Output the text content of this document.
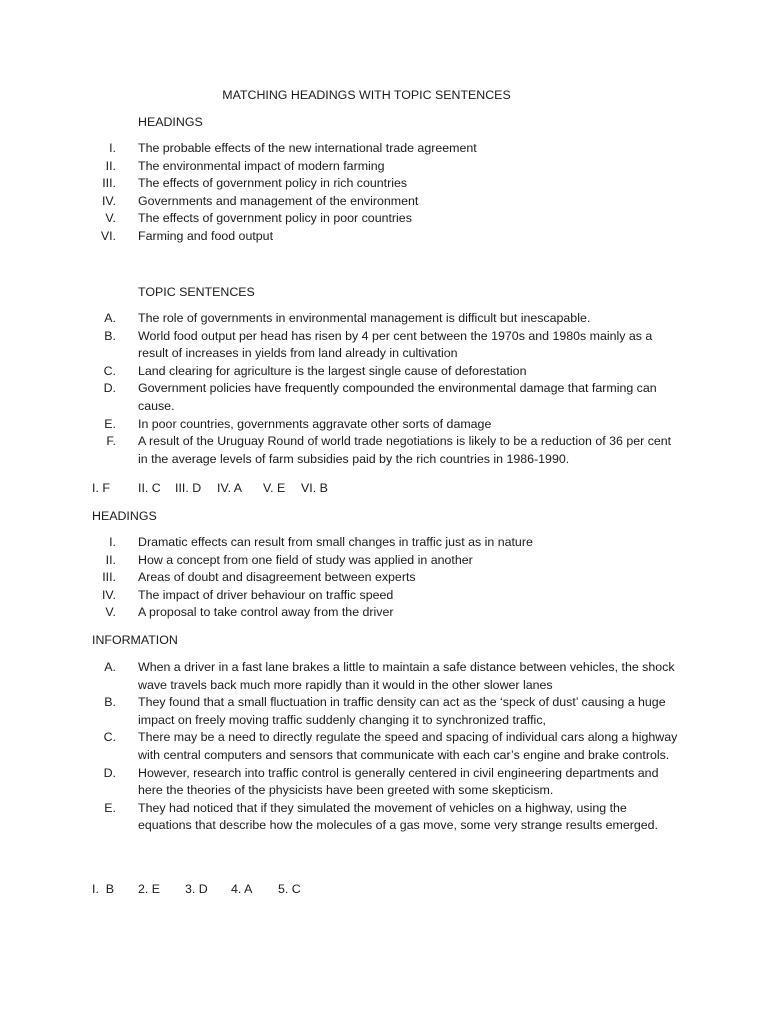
MATCHING HEADINGS WITH TOPIC SENTENCES
HEADINGS
I. The probable effects of the new international trade agreement
II. The environmental impact of modern farming
III. The effects of government policy in rich countries
IV. Governments and management of the environment
V. The effects of government policy in poor countries
VI. Farming and food output
TOPIC SENTENCES
A. The role of governments in environmental management is difficult but inescapable.
B. World food output per head has risen by 4 per cent between the 1970s and 1980s mainly as a result of increases in yields from land already in cultivation
C. Land clearing for agriculture is the largest single cause of deforestation
D. Government policies have frequently compounded the environmental damage that farming can cause.
E. In poor countries, governments aggravate other sorts of damage
F. A result of the Uruguay Round of world trade negotiations is likely to be a reduction of 36 per cent in the average levels of farm subsidies paid by the rich countries in 1986-1990.
I. F II. C III. D IV. A V. E VI. B
HEADINGS
I. Dramatic effects can result from small changes in traffic just as in nature
II. How a concept from one field of study was applied in another
III. Areas of doubt and disagreement between experts
IV. The impact of driver behaviour on traffic speed
V. A proposal to take control away from the driver
INFORMATION
A. When a driver in a fast lane brakes a little to maintain a safe distance between vehicles, the shock wave travels back much more rapidly than it would in the other slower lanes
B. They found that a small fluctuation in traffic density can act as the ‘speck of dust’ causing a huge impact on freely moving traffic suddenly changing it to synchronized traffic,
C. There may be a need to directly regulate the speed and spacing of individual cars along a highway with central computers and sensors that communicate with each car’s engine and brake controls.
D. However, research into traffic control is generally centered in civil engineering departments and here the theories of the physicists have been greeted with some skepticism.
E. They had noticed that if they simulated the movement of vehicles on a highway, using the equations that describe how the molecules of a gas move, some very strange results emerged.
I.  B 2. E 3. D 4. A 5. C
